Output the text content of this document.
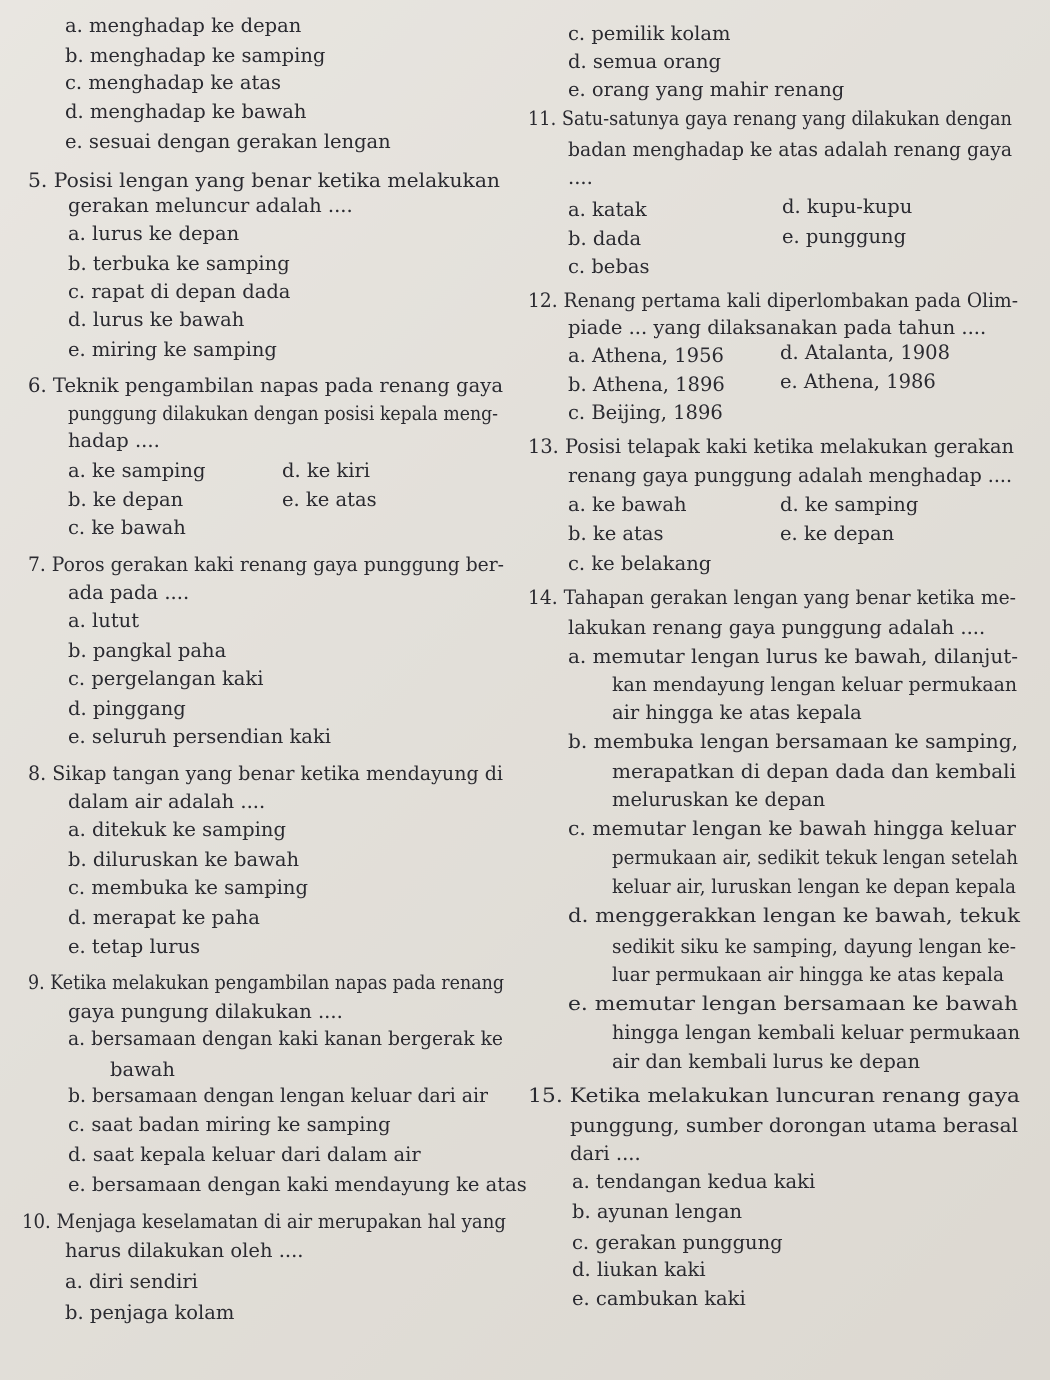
a. menghadap ke depan
b. menghadap ke samping
c. menghadap ke atas
d. menghadap ke bawah
e. sesuai dengan gerakan lengan
5. Posisi lengan yang benar ketika melakukan
gerakan meluncur adalah ....
a. lurus ke depan
b. terbuka ke samping
c. rapat di depan dada
d. lurus ke bawah
e. miring ke samping
6. Teknik pengambilan napas pada renang gaya
punggung dilakukan dengan posisi kepala meng-
hadap ....
a. ke samping	d. ke kiri
b. ke depan	e. ke atas
c. ke bawah
7. Poros gerakan kaki renang gaya punggung ber-
ada pada ....
a. lutut
b. pangkal paha
c. pergelangan kaki
d. pinggang
e. seluruh persendian kaki
8. Sikap tangan yang benar ketika mendayung di
dalam air adalah ....
a. ditekuk ke samping
b. diluruskan ke bawah
c. membuka ke samping
d. merapat ke paha
e. tetap lurus
9. Ketika melakukan pengambilan napas pada renang
gaya pungung dilakukan ....
a. bersamaan dengan kaki kanan bergerak ke
bawah
b. bersamaan dengan lengan keluar dari air
c. saat badan miring ke samping
d. saat kepala keluar dari dalam air
e. bersamaan dengan kaki mendayung ke atas
10. Menjaga keselamatan di air merupakan hal yang
harus dilakukan oleh ....
a. diri sendiri
b. penjaga kolam
c. pemilik kolam
d. semua orang
e. orang yang mahir renang
11. Satu-satunya gaya renang yang dilakukan dengan
badan menghadap ke atas adalah renang gaya
....
a. katak	d. kupu-kupu
b. dada	e. punggung
c. bebas
12. Renang pertama kali diperlombakan pada Olim-
piade ... yang dilaksanakan pada tahun ....
a. Athena, 1956	d. Atalanta, 1908
b. Athena, 1896	e. Athena, 1986
c. Beijing, 1896
13. Posisi telapak kaki ketika melakukan gerakan
renang gaya punggung adalah menghadap ....
a. ke bawah	d. ke samping
b. ke atas	e. ke depan
c. ke belakang
14. Tahapan gerakan lengan yang benar ketika me-
lakukan renang gaya punggung adalah ....
a. memutar lengan lurus ke bawah, dilanjut-
kan mendayung lengan keluar permukaan
air hingga ke atas kepala
b. membuka lengan bersamaan ke samping,
merapatkan di depan dada dan kembali
meluruskan ke depan
c. memutar lengan ke bawah hingga keluar
permukaan air, sedikit tekuk lengan setelah
keluar air, luruskan lengan ke depan kepala
d. menggerakkan lengan ke bawah, tekuk
sedikit siku ke samping, dayung lengan ke-
luar permukaan air hingga ke atas kepala
e. memutar lengan bersamaan ke bawah
hingga lengan kembali keluar permukaan
air dan kembali lurus ke depan
15. Ketika melakukan luncuran renang gaya
punggung, sumber dorongan utama berasal
dari ....
a. tendangan kedua kaki
b. ayunan lengan
c. gerakan punggung
d. liukan kaki
e. cambukan kaki
